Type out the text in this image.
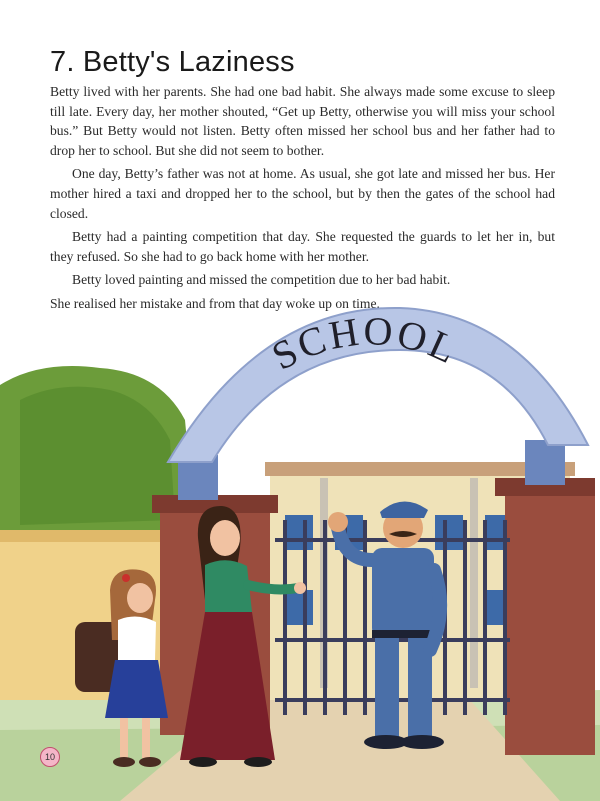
7. Betty's Laziness

Betty lived with her parents. She had one bad habit. She always made some excuse to sleep till late. Every day, her mother shouted, “Get up Betty, otherwise you will miss your school bus.” But Betty would not listen. Betty often missed her school bus and her father had to drop her to school. But she did not seem to bother.

One day, Betty’s father was not at home. As usual, she got late and missed her bus. Her mother hired a taxi and dropped her to the school, but by then the gates of the school had closed.

Betty had a painting competition that day. She requested the guards to let her in, but they refused. So she had to go back home with her mother.

Betty loved painting and missed the competition due to her bad habit.

She realised her mistake and from that day woke up on time.

SCHOOL
10
